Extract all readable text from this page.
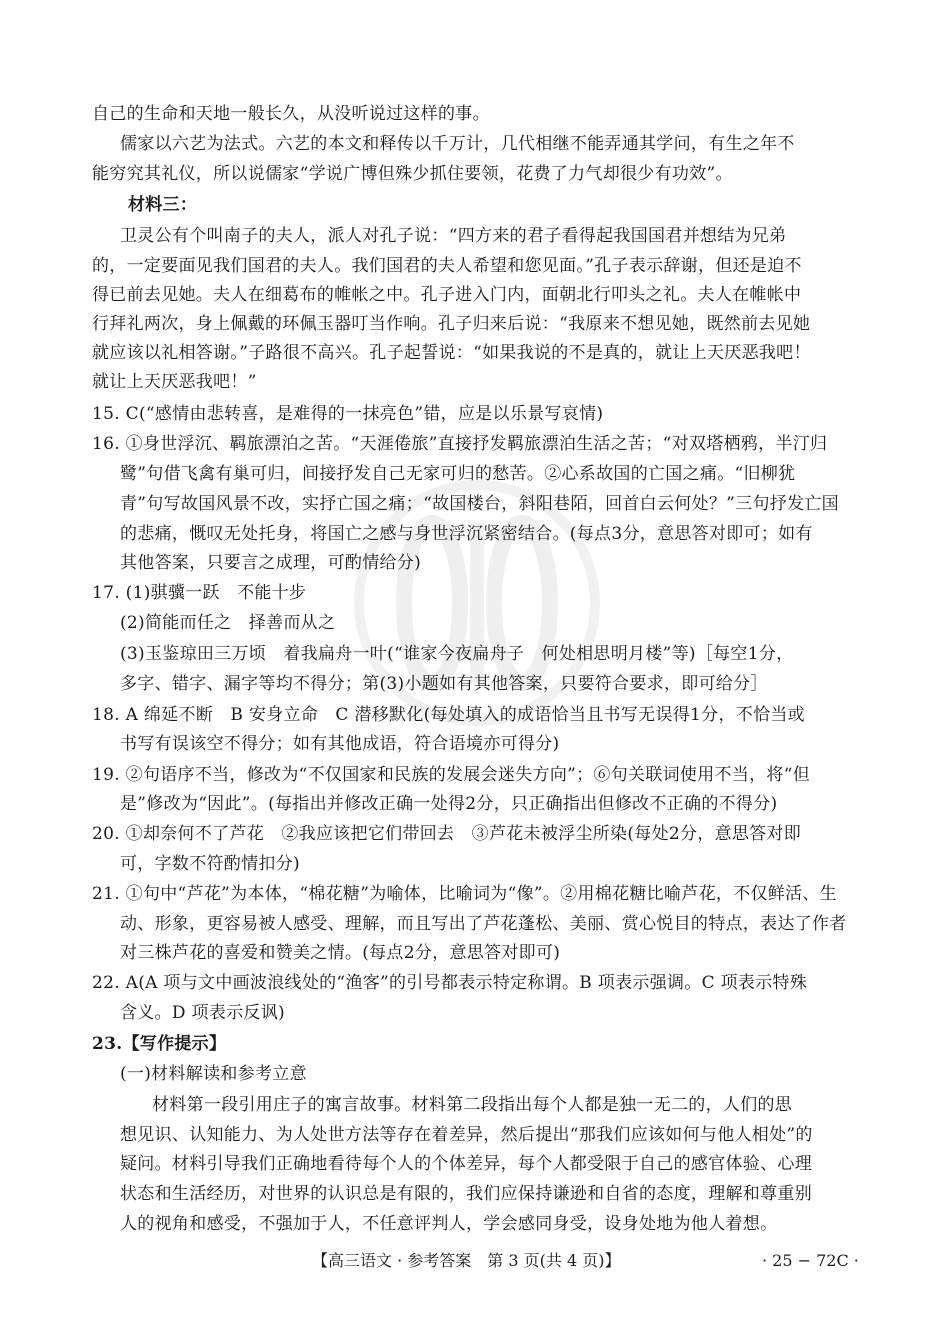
自己的生命和天地一般长久，从没听说过这样的事。
儒家以六艺为法式。六艺的本文和释传以千万计，几代相继不能弄通其学问，有生之年不
能穷究其礼仪，所以说儒家“学说广博但殊少抓住要领，花费了力气却很少有功效”。
材料三：
卫灵公有个叫南子的夫人，派人对孔子说：“四方来的君子看得起我国国君并想结为兄弟
的，一定要面见我们国君的夫人。我们国君的夫人希望和您见面。”孔子表示辞谢，但还是迫不
得已前去见她。夫人在细葛布的帷帐之中。孔子进入门内，面朝北行叩头之礼。夫人在帷帐中
行拜礼两次，身上佩戴的环佩玉器叮当作响。孔子归来后说：“我原来不想见她，既然前去见她
就应该以礼相答谢。”子路很不高兴。孔子起誓说：“如果我说的不是真的，就让上天厌恶我吧！
就让上天厌恶我吧！”
15. C(“感情由悲转喜，是难得的一抹亮色”错，应是以乐景写哀情)
16. ①身世浮沉、羁旅漂泊之苦。“天涯倦旅”直接抒发羁旅漂泊生活之苦；“对双塔栖鸦，半汀归
鹭”句借飞禽有巢可归，间接抒发自己无家可归的愁苦。②心系故国的亡国之痛。“旧柳犹
青”句写故国风景不改，实抒亡国之痛；“故国楼台，斜阳巷陌，回首白云何处？”三句抒发亡国
的悲痛，慨叹无处托身，将国亡之感与身世浮沉紧密结合。(每点3分，意思答对即可；如有
其他答案，只要言之成理，可酌情给分)
17. (1)骐骥一跃　不能十步
(2)简能而任之　择善而从之
(3)玉鉴琼田三万顷　着我扁舟一叶(“谁家今夜扁舟子　何处相思明月楼”等)［每空1分，
多字、错字、漏字等均不得分；第(3)小题如有其他答案，只要符合要求，即可给分］
18. A 绵延不断　B 安身立命　C 潜移默化(每处填入的成语恰当且书写无误得1分，不恰当或
书写有误该空不得分；如有其他成语，符合语境亦可得分)
19. ②句语序不当，修改为“不仅国家和民族的发展会迷失方向”；⑥句关联词使用不当，将“但
是”修改为“因此”。(每指出并修改正确一处得2分，只正确指出但修改不正确的不得分)
20. ①却奈何不了芦花　②我应该把它们带回去　③芦花未被浮尘所染(每处2分，意思答对即
可，字数不符酌情扣分)
21. ①句中“芦花”为本体，“棉花糖”为喻体，比喻词为“像”。②用棉花糖比喻芦花，不仅鲜活、生
动、形象，更容易被人感受、理解，而且写出了芦花蓬松、美丽、赏心悦目的特点，表达了作者
对三株芦花的喜爱和赞美之情。(每点2分，意思答对即可)
22. A(A 项与文中画波浪线处的“渔客”的引号都表示特定称谓。B 项表示强调。C 项表示特殊
含义。D 项表示反讽)
23.【写作提示】
(一)材料解读和参考立意
材料第一段引用庄子的寓言故事。材料第二段指出每个人都是独一无二的，人们的思
想见识、认知能力、为人处世方法等存在着差异，然后提出“那我们应该如何与他人相处”的
疑问。材料引导我们正确地看待每个人的个体差异，每个人都受限于自己的感官体验、心理
状态和生活经历，对世界的认识总是有限的，我们应保持谦逊和自省的态度，理解和尊重别
人的视角和感受，不强加于人，不任意评判人，学会感同身受，设身处地为他人着想。
【高三语文 · 参考答案　第 3 页(共 4 页)】	· 25 − 72C ·
